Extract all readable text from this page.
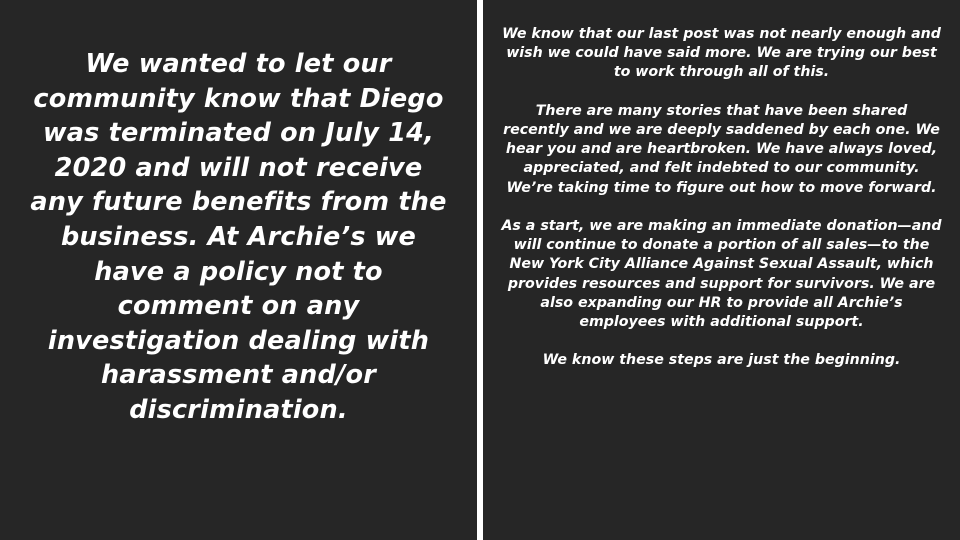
We wanted to let our community know that Diego was terminated on July 14, 2020 and will not receive any future benefits from the business. At Archie’s we have a policy not to comment on any investigation dealing with harassment and/or discrimination.

We know that our last post was not nearly enough and wish we could have said more. We are trying our best to work through all of this.

There are many stories that have been shared recently and we are deeply saddened by each one. We hear you and are heartbroken. We have always loved, appreciated, and felt indebted to our community. We’re taking time to figure out how to move forward.

As a start, we are making an immediate donation—and will continue to donate a portion of all sales—to the New York City Alliance Against Sexual Assault, which provides resources and support for survivors. We are also expanding our HR to provide all Archie’s employees with additional support.

We know these steps are just the beginning.
